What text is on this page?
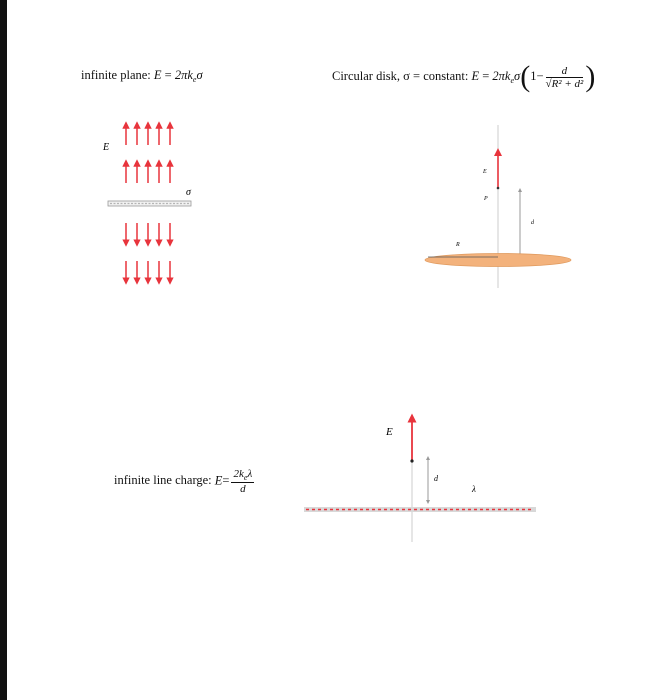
infinite plane: $E = 2\pi k_e\sigma$
E
σ
Circular disk, σ = constant: $E = 2\pi k_e\sigma(1- \frac{d}{\text{√R² + d²}}$ )
E
P
d
R
infinite line charge: $E= \frac{2k_e\lambda}{d}$
E
d
λ
